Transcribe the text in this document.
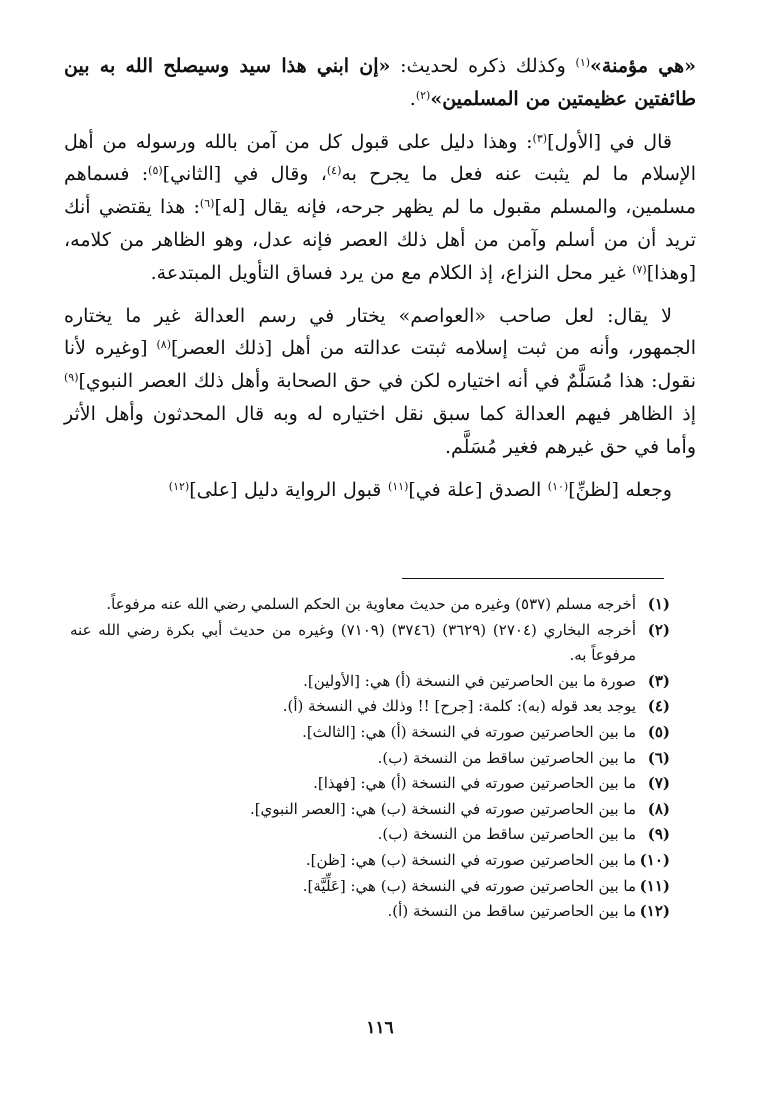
«هي مؤمنة»$^{(١)}$ وكذلك ذكره لحديث: «إن ابني هذا سيد وسيصلح الله به بين طائفتين عظيمتين من المسلمين»$^{(٢)}$.

قال في [الأول]$^{(٣)}$: وهذا دليل على قبول كل من آمن بالله ورسوله من أهل الإسلام ما لم يثبت عنه فعل ما يجرح به$^{(٤)}$، وقال في [الثاني]$^{(٥)}$: فسماهم مسلمين، والمسلم مقبول ما لم يظهر جرحه، فإنه يقال [له]$^{(٦)}$: هذا يقتضي أنك تريد أن من أسلم وآمن من أهل ذلك العصر فإنه عدل، وهو الظاهر من كلامه، [وهذا]$^{(٧)}$ غير محل النزاع، إذ الكلام مع من يرد فساق التأويل المبتدعة.

لا يقال: لعل صاحب «العواصم» يختار في رسم العدالة غير ما يختاره الجمهور، وأنه من ثبت إسلامه ثبتت عدالته من أهل [ذلك العصر]$^{(٨)}$ [وغيره لأنا نقول: هذا مُسَلَّمٌ في أنه اختياره لكن في حق الصحابة وأهل ذلك العصر النبوي]$^{(٩)}$ إذ الظاهر فيهم العدالة كما سبق نقل اختياره له وبه قال المحدثون وأهل الأثر وأما في حق غيرهم فغير مُسَلَّم.

وجعله [لظنِّ]$^{(١٠)}$ الصدق [علة في]$^{(١١)}$ قبول الرواية دليل [على]$^{(١٢)}$

(١)
أخرجه مسلم (٥٣٧) وغيره من حديث معاوية بن الحكم السلمي رضي الله عنه مرفوعاً.
(٢)
أخرجه البخاري (٢٧٠٤) (٣٦٢٩) (٣٧٤٦) (٧١٠٩) وغيره من حديث أبي بكرة رضي الله عنه مرفوعاً به.
(٣)
صورة ما بين الحاصرتين في النسخة (أ) هي: [الأولين].
(٤)
يوجد بعد قوله (به): كلمة: [جرح] !! وذلك في النسخة (أ).
(٥)
ما بين الحاصرتين صورته في النسخة (أ) هي: [الثالث].
(٦)
ما بين الحاصرتين ساقط من النسخة (ب).
(٧)
ما بين الحاصرتين صورته في النسخة (أ) هي: [فهذا].
(٨)
ما بين الحاصرتين صورته في النسخة (ب) هي: [العصر النبوي].
(٩)
ما بين الحاصرتين ساقط من النسخة (ب).
(١٠)
ما بين الحاصرتين صورته في النسخة (ب) هي: [ظن].
(١١)
ما بين الحاصرتين صورته في النسخة (ب) هي: [عَلِّيَّة].
(١٢)
ما بين الحاصرتين ساقط من النسخة (أ).
١١٦
